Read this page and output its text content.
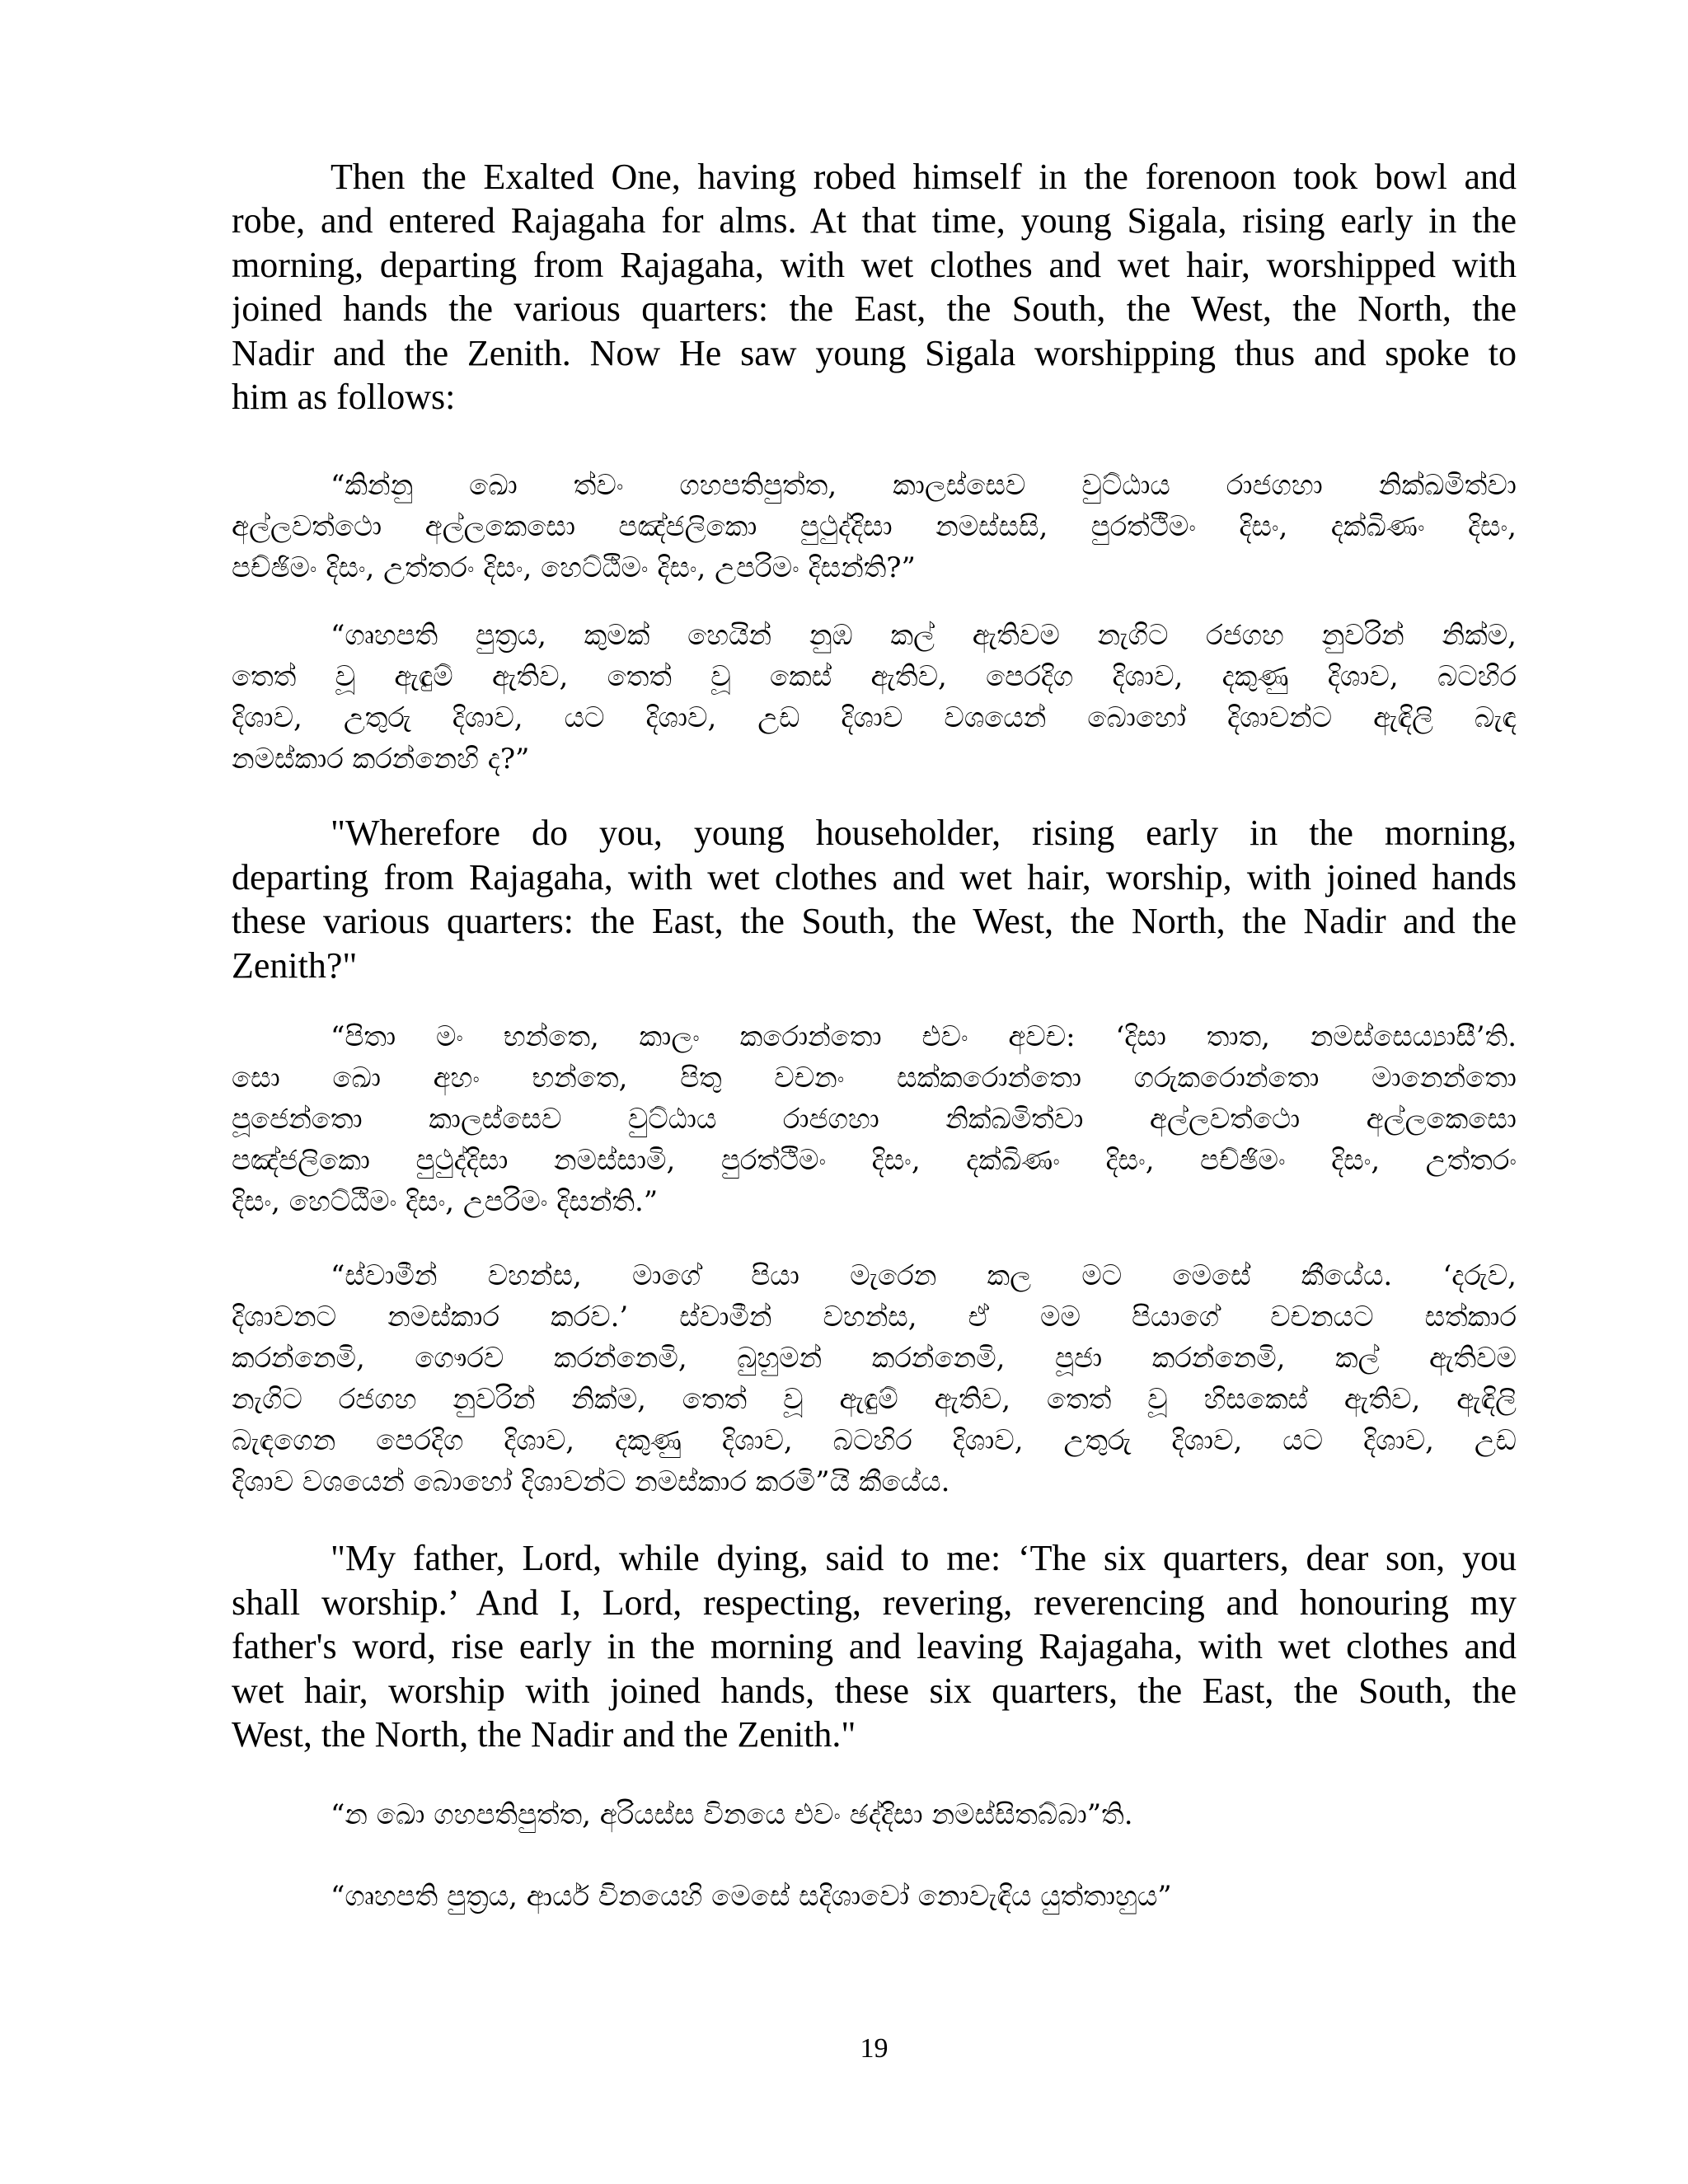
Then the Exalted One, having robed himself in the forenoon took bowl and
robe, and entered Rajagaha for alms. At that time, young Sigala, rising early in the
morning, departing from Rajagaha, with wet clothes and wet hair, worshipped with
joined hands the various quarters: the East, the South, the West, the North, the
Nadir and the Zenith. Now He saw young Sigala worshipping thus and spoke to
him as follows:
“කින්නු ඛො ත්වං ගහපතිපුත්ත, කාලස්සෙව වුට්ඨාය රාජගහා නික්ඛමිත්වා
අල්ලවත්ථො අල්ලකෙසො පඤ්ජලිකො පුථුද්දිසා නමස්සසි, පුරත්ථිමං දිසං, දක්ඛිණං දිසං,
පච්ඡිමං දිසං, උත්තරං දිසං, හෙට්ඨිමං දිසං, උපරිමං දිසන්ති?”
“ගෘහපති පුත්‍රය, කුමක් හෙයින් නුඹ කල් ඇතිවම නැගිට රජගහ නුවරින් නික්ම,
තෙත් වූ ඇඳුම් ඇතිව, තෙත් වූ කෙස් ඇතිව, පෙරදිග දිශාව, දකුණු දිශාව, බටහිර
දිශාව, උතුරු දිශාව, යට දිශාව, උඩ දිශාව වශයෙන් බොහෝ දිශාවන්ට ඇඳිලි බැඳ
නමස්කාර කරන්නෙහි ද?”
"Wherefore do you, young householder, rising early in the morning,
departing from Rajagaha, with wet clothes and wet hair, worship, with joined hands
these various quarters: the East, the South, the West, the North, the Nadir and the
Zenith?"
“පිතා මං භන්තෙ, කාලං කරොන්තො එවං අවච: ‘දිසා තාත, නමස්සෙය්‍යාසී’ති.
සො ඛො අහං භන්තෙ, පිතු වචනං සක්කරොන්තො ගරුකරොන්තො මානෙන්තො
පූජෙන්තො කාලස්සෙව වුට්ඨාය රාජගහා නික්ඛමිත්වා අල්ලවත්ථො අල්ලකෙසො
පඤ්ජලිකො පුථුද්දිසා නමස්සාමි, පුරත්ථිමං දිසං, දක්ඛිණං දිසං, පච්ඡිමං දිසං, උත්තරං
දිසං, හෙට්ඨිමං දිසං, උපරිමං දිසන්ති.”
“ස්වාමීන් වහන්ස, මාගේ පියා මැරෙන කල මට මෙසේ කීයේය. ‘දරුව,
දිශාවනට නමස්කාර කරව.’ ස්වාමීන් වහන්ස, ඒ මම පියාගේ වචනයට සත්කාර
කරන්නෙමි, ගෞරව කරන්නෙමි, බුහුමන් කරන්නෙමි, පූජා කරන්නෙමි, කල් ඇතිවම
නැගිට රජගහ නුවරින් නික්ම, තෙත් වූ ඇඳුම් ඇතිව, තෙත් වූ හිසකෙස් ඇතිව, ඇඳිලි
බැඳගෙන පෙරදිග දිශාව, දකුණු දිශාව, බටහිර දිශාව, උතුරු දිශාව, යට දිශාව, උඩ
දිශාව වශයෙන් බොහෝ දිශාවන්ට නමස්කාර කරමි”යි කීයේය.
"My father, Lord, while dying, said to me: ‘The six quarters, dear son, you
shall worship.’ And I, Lord, respecting, revering, reverencing and honouring my
father's word, rise early in the morning and leaving Rajagaha, with wet clothes and
wet hair, worship with joined hands, these six quarters, the East, the South, the
West, the North, the Nadir and the Zenith."
“න ඛො ගහපතිපුත්ත, අරියස්ස විනයෙ එවං ඡද්දිසා නමස්සිතබ්බා”ති.
“ගෘහපති පුත්‍රය, ආර්ය විනයෙහි මෙසේ සදිශාවෝ නොවැඳිය යුත්තාහුය”
19
